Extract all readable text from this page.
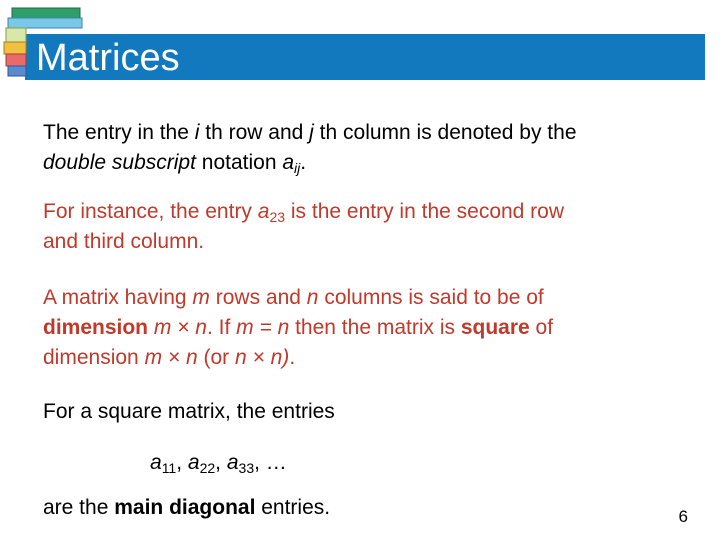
Matrices

The entry in the i th row and j th column is denoted by the
double subscript notation $a_{ij}$.

For instance, the entry $a_{23}$ is the entry in the second row
and third column.

A matrix having m rows and n columns is said to be of
dimension m × n. If m = n then the matrix is square of
dimension m × n (or n × n).

For a square matrix, the entries

$a_{11}$, $a_{22}$, $a_{33}$, …

are the main diagonal entries.	6
